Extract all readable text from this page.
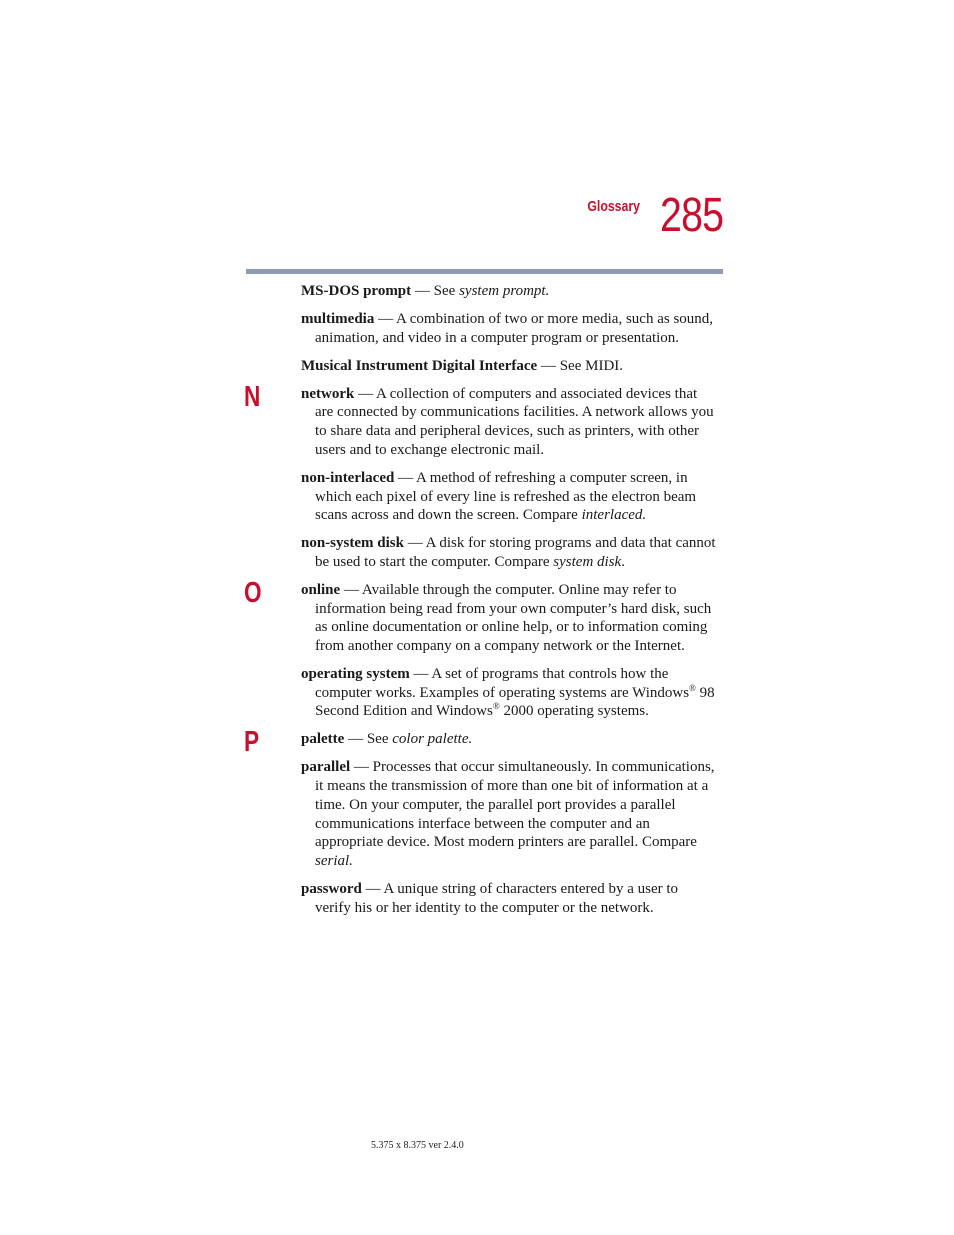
Glossary 285
MS-DOS prompt — See system prompt.
multimedia — A combination of two or more media, such as sound, animation, and video in a computer program or presentation.
Musical Instrument Digital Interface — See MIDI.
N	network — A collection of computers and associated devices that are connected by communications facilities. A network allows you to share data and peripheral devices, such as printers, with other users and to exchange electronic mail.
non-interlaced — A method of refreshing a computer screen, in which each pixel of every line is refreshed as the electron beam scans across and down the screen. Compare interlaced.
non-system disk — A disk for storing programs and data that cannot be used to start the computer. Compare system disk.
O	online — Available through the computer. Online may refer to information being read from your own computer’s hard disk, such as online documentation or online help, or to information coming from another company on a company network or the Internet.
operating system — A set of programs that controls how the computer works. Examples of operating systems are Windows® 98 Second Edition and Windows® 2000 operating systems.
P	palette — See color palette.
parallel — Processes that occur simultaneously. In communications, it means the transmission of more than one bit of information at a time. On your computer, the parallel port provides a parallel communications interface between the computer and an appropriate device. Most modern printers are parallel. Compare serial.
password — A unique string of characters entered by a user to verify his or her identity to the computer or the network.
5.375 x 8.375 ver 2.4.0
